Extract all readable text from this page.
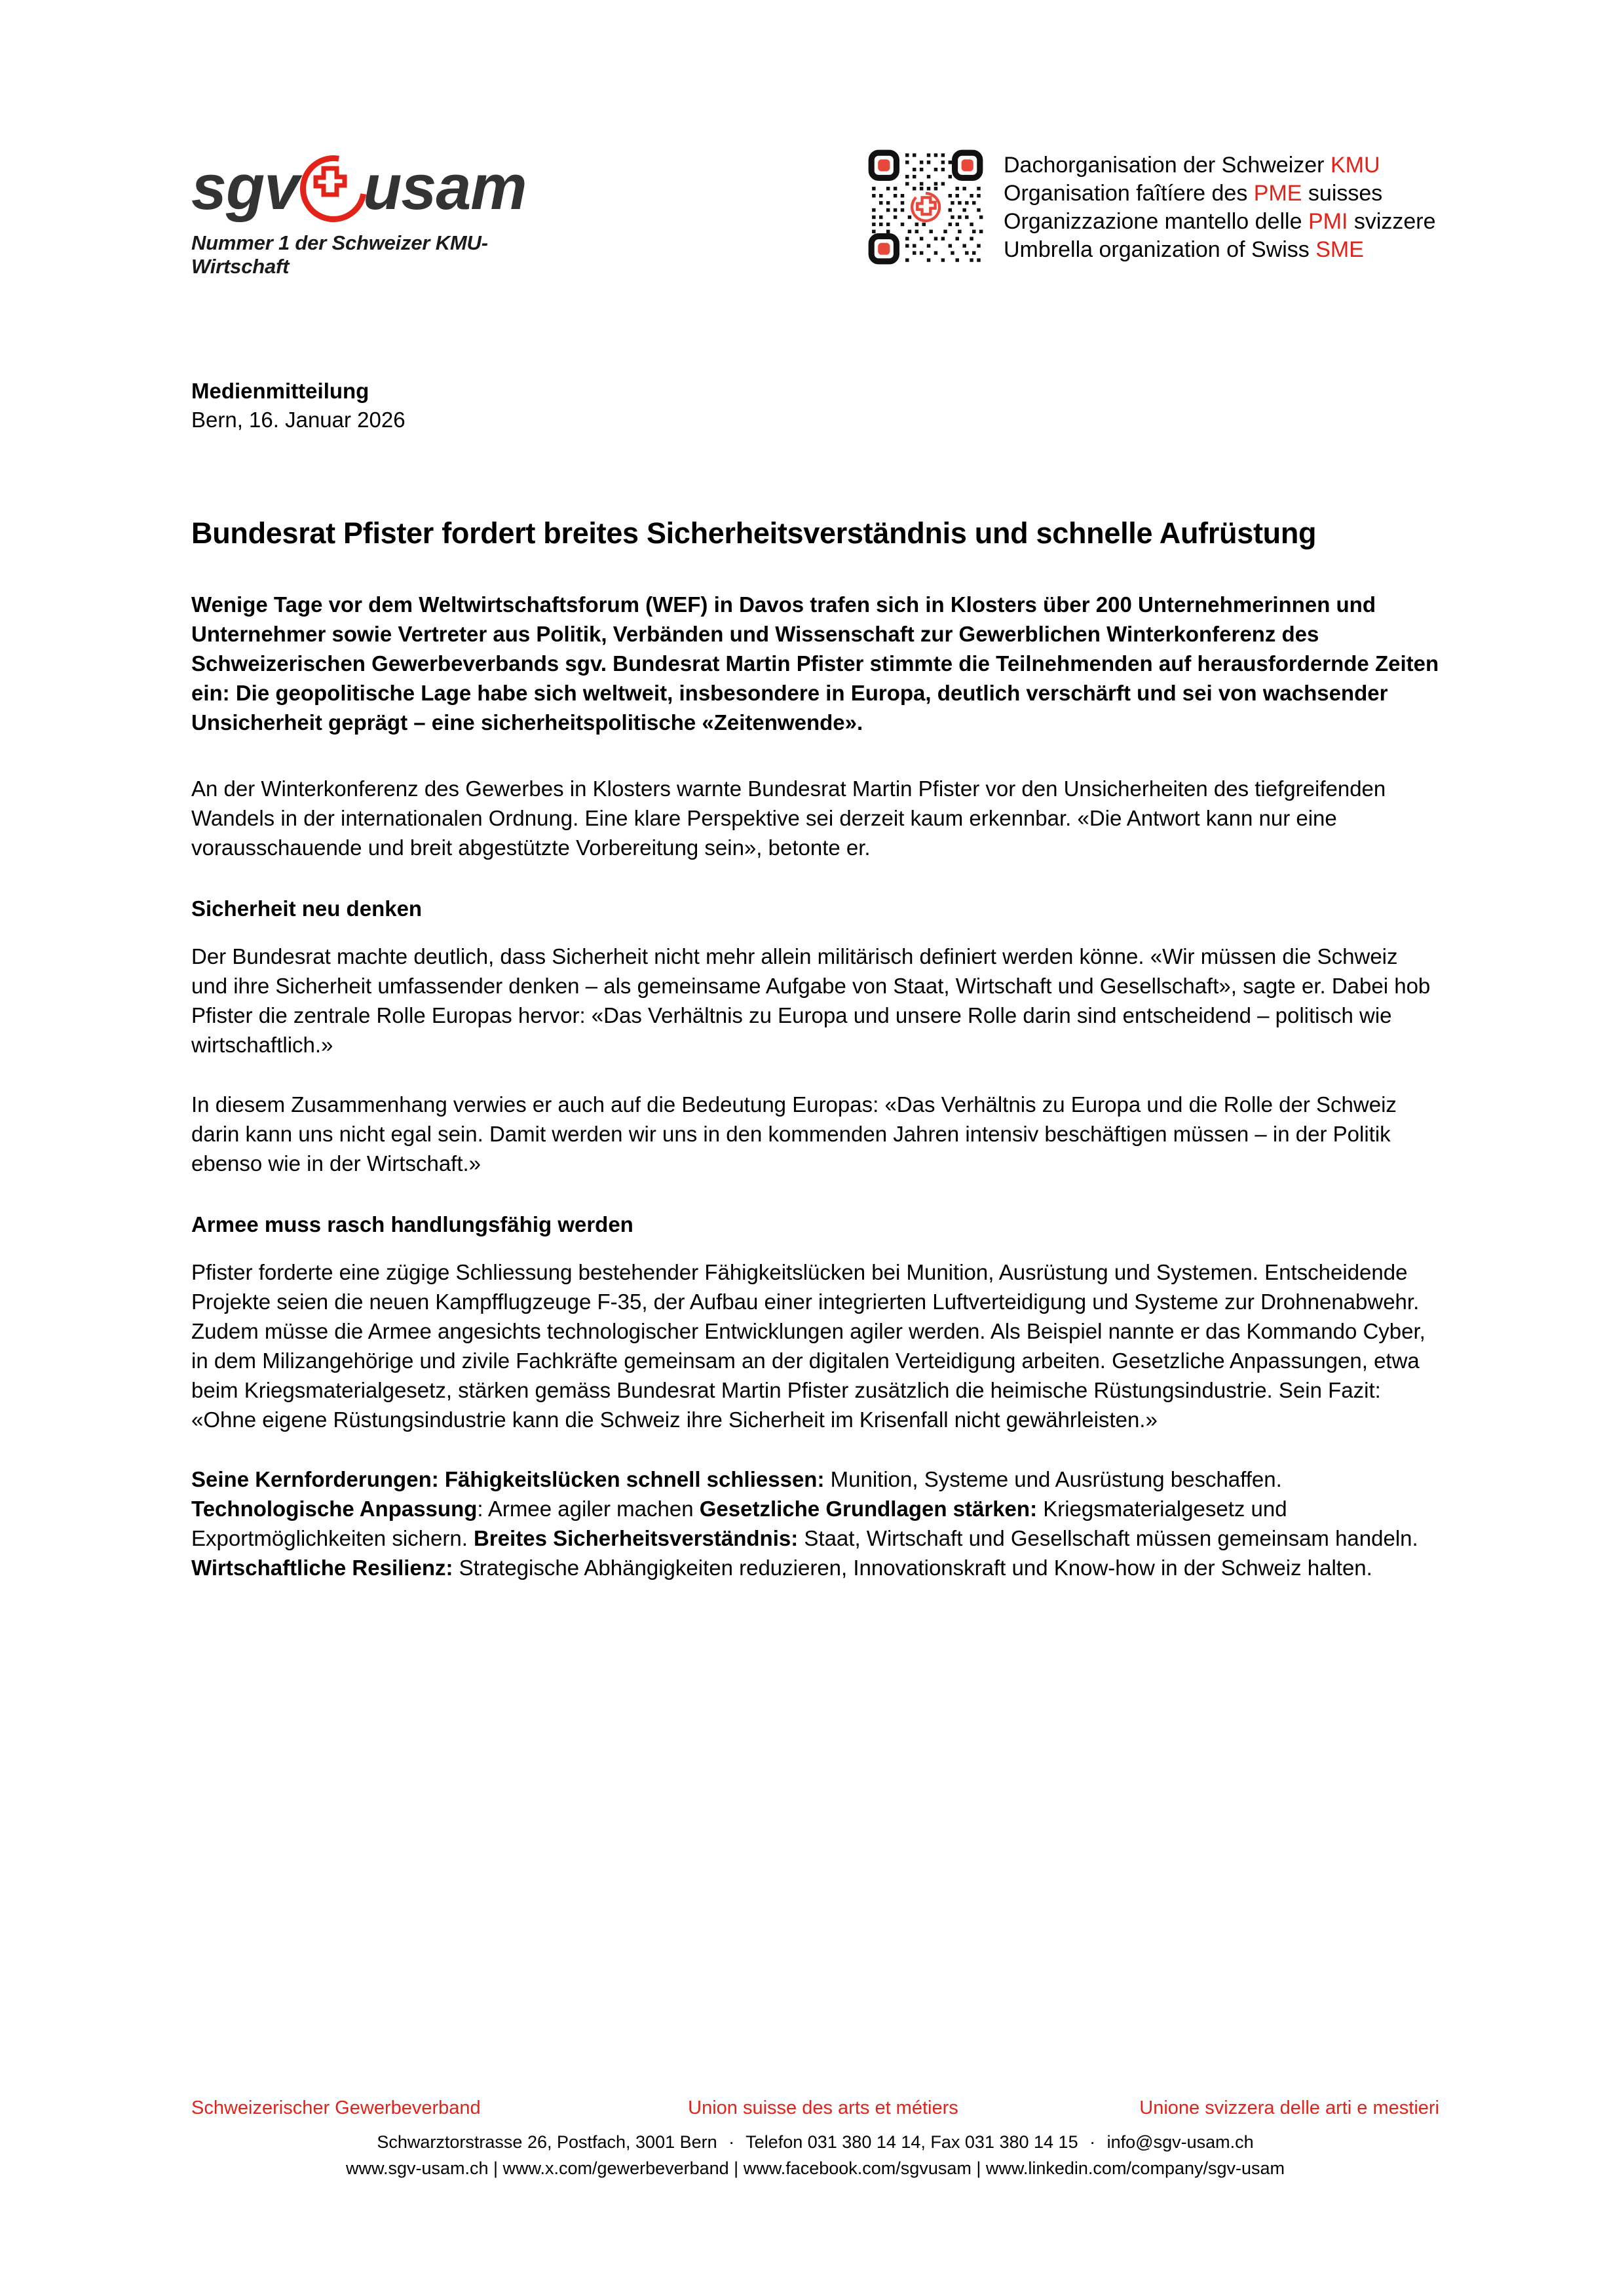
sgv usam
Nummer 1 der Schweizer KMU-Wirtschaft
Dachorganisation der Schweizer KMU
Organisation faîtíere des PME suisses
Organizzazione mantello delle PMI svizzere
Umbrella organization of Swiss SME
Medienmitteilung
Bern, 16. Januar 2026
Bundesrat Pfister fordert breites Sicherheitsverständnis und schnelle Aufrüstung

Wenige Tage vor dem Weltwirtschaftsforum (WEF) in Davos trafen sich in Klosters über 200 Unternehmerinnen und Unternehmer sowie Vertreter aus Politik, Verbänden und Wissenschaft zur Gewerblichen Winterkonferenz des Schweizerischen Gewerbeverbands sgv. Bundesrat Martin Pfister stimmte die Teilnehmenden auf herausfordernde Zeiten ein: Die geopolitische Lage habe sich weltweit, insbesondere in Europa, deutlich verschärft und sei von wachsender Unsicherheit geprägt – eine sicherheitspolitische «Zeitenwende».

An der Winterkonferenz des Gewerbes in Klosters warnte Bundesrat Martin Pfister vor den Unsicherheiten des tiefgreifenden Wandels in der internationalen Ordnung. Eine klare Perspektive sei derzeit kaum erkennbar. «Die Antwort kann nur eine vorausschauende und breit abgestützte Vorbereitung sein», betonte er.

Sicherheit neu denken

Der Bundesrat machte deutlich, dass Sicherheit nicht mehr allein militärisch definiert werden könne. «Wir müssen die Schweiz und ihre Sicherheit umfassender denken – als gemeinsame Aufgabe von Staat, Wirtschaft und Gesellschaft», sagte er. Dabei hob Pfister die zentrale Rolle Europas hervor: «Das Verhältnis zu Europa und unsere Rolle darin sind entscheidend – politisch wie wirtschaftlich.»

In diesem Zusammenhang verwies er auch auf die Bedeutung Europas: «Das Verhältnis zu Europa und die Rolle der Schweiz darin kann uns nicht egal sein. Damit werden wir uns in den kommenden Jahren intensiv beschäftigen müssen – in der Politik ebenso wie in der Wirtschaft.»

Armee muss rasch handlungsfähig werden

Pfister forderte eine zügige Schliessung bestehender Fähigkeitslücken bei Munition, Ausrüstung und Systemen. Entscheidende Projekte seien die neuen Kampfflugzeuge F-35, der Aufbau einer integrierten Luftverteidigung und Systeme zur Drohnenabwehr. Zudem müsse die Armee angesichts technologischer Entwicklungen agiler werden. Als Beispiel nannte er das Kommando Cyber, in dem Milizangehörige und zivile Fachkräfte gemeinsam an der digitalen Verteidigung arbeiten. Gesetzliche Anpassungen, etwa beim Kriegsmaterialgesetz, stärken gemäss Bundesrat Martin Pfister zusätzlich die heimische Rüstungsindustrie. Sein Fazit: «Ohne eigene Rüstungsindustrie kann die Schweiz ihre Sicherheit im Krisenfall nicht gewährleisten.»

Seine Kernforderungen: Fähigkeitslücken schnell schliessen: Munition, Systeme und Ausrüstung beschaffen. Technologische Anpassung: Armee agiler machen Gesetzliche Grundlagen stärken: Kriegsmaterialgesetz und Exportmöglichkeiten sichern. Breites Sicherheitsverständnis: Staat, Wirtschaft und Gesellschaft müssen gemeinsam handeln. Wirtschaftliche Resilienz: Strategische Abhängigkeiten reduzieren, Innovationskraft und Know-how in der Schweiz halten.

Schweizerischer Gewerbeverband	Union suisse des arts et métiers	Unione svizzera delle arti e mestieri
Schwarztorstrasse 26, Postfach, 3001 Bern · Telefon 031 380 14 14, Fax 031 380 14 15 · info@sgv-usam.ch
www.sgv-usam.ch | www.x.com/gewerbeverband | www.facebook.com/sgvusam | www.linkedin.com/company/sgv-usam
